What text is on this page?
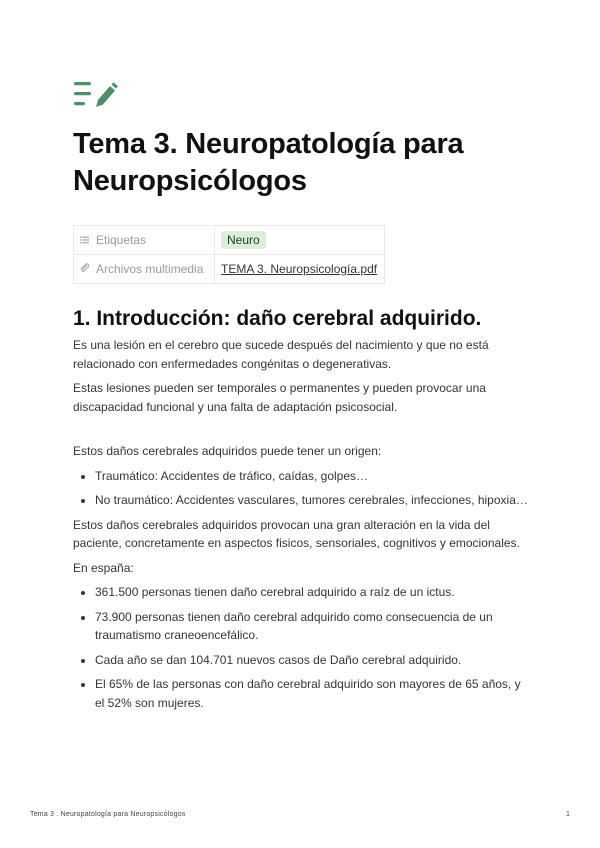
Tema 3. Neuropatología para Neuropsicólogos
Etiquetas	Neuro
Archivos multimedia	TEMA 3. Neuropsicología.pdf
1. Introducción: daño cerebral adquirido.

Es una lesión en el cerebro que sucede después del nacimiento y que no está relacionado con enfermedades congénitas o degenerativas.

Estas lesiones pueden ser temporales o permanentes y pueden provocar una discapacidad funcional y una falta de adaptación psicosocial.

Estos daños cerebrales adquiridos puede tener un origen:

• Traumático: Accidentes de tráfico, caídas, golpes…
• No traumático: Accidentes vasculares, tumores cerebrales, infecciones, hipoxia…

Estos daños cerebrales adquiridos provocan una gran alteración en la vida del paciente, concretamente en aspectos fisicos, sensoriales, cognitivos y emocionales.

En españa:

• 361.500 personas tienen daño cerebral adquirido a raíz de un ictus.
• 73.900 personas tienen daño cerebral adquirido como consecuencia de un traumatismo craneoencefálico.
• Cada año se dan 104.701 nuevos casos de Daño cerebral adquirido.
• El 65% de las personas con daño cerebral adquirido son mayores de 65 años, y el 52% son mujeres.
Tema 3 . Neuropatología para Neuropsicólogos	1
